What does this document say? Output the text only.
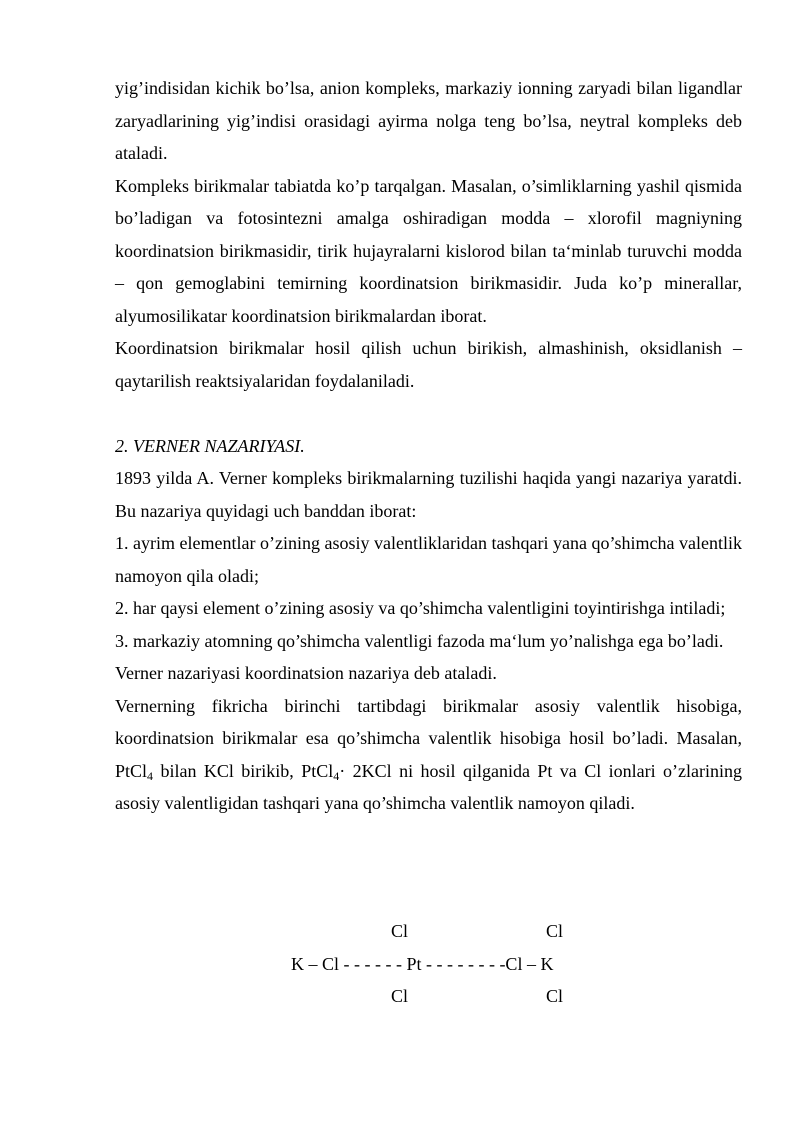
yig’indisidan kichik bo’lsa, anion kompleks, markaziy ionning zaryadi bilan ligandlar zaryadlarining yig’indisi orasidagi ayirma nolga teng bo’lsa, neytral kompleks deb ataladi.

Kompleks birikmalar tabiatda ko’p tarqalgan. Masalan, o’simliklarning yashil qismida bo’ladigan va fotosintezni amalga oshiradigan modda – xlorofil magniyning koordinatsion birikmasidir, tirik hujayralarni kislorod bilan ta‘minlab turuvchi modda – qon gemoglabini temirning koordinatsion birikmasidir. Juda ko’p minerallar, alyumosilikatar koordinatsion birikmalardan iborat.

Koordinatsion birikmalar hosil qilish uchun birikish, almashinish, oksidlanish – qaytarilish reaktsiyalaridan foydalaniladi.

2. VERNER NAZARIYASI.

1893 yilda A. Verner kompleks birikmalarning tuzilishi haqida yangi nazariya yaratdi. Bu nazariya quyidagi uch banddan iborat:

1. ayrim elementlar o’zining asosiy valentliklaridan tashqari yana qo’shimcha valentlik namoyon qila oladi;

2. har qaysi element o’zining asosiy va qo’shimcha valentligini toyintirishga intiladi;

3. markaziy atomning qo’shimcha valentligi fazoda ma‘lum yo’nalishga ega bo’ladi.

Verner nazariyasi koordinatsion nazariya deb ataladi.

Vernerning fikricha birinchi tartibdagi birikmalar asosiy valentlik hisobiga, koordinatsion birikmalar esa qo’shimcha valentlik hisobiga hosil bo’ladi. Masalan, PtCl$_4$ bilan KCl birikib, PtCl$_4$· 2KCl ni hosil qilganida Pt va Cl ionlari o’zlarining asosiy valentligidan tashqari yana qo’shimcha valentlik namoyon qiladi.

Cl	Cl
K – Cl - - - - - - Pt - - - - - - - -Cl – K
Cl	Cl
